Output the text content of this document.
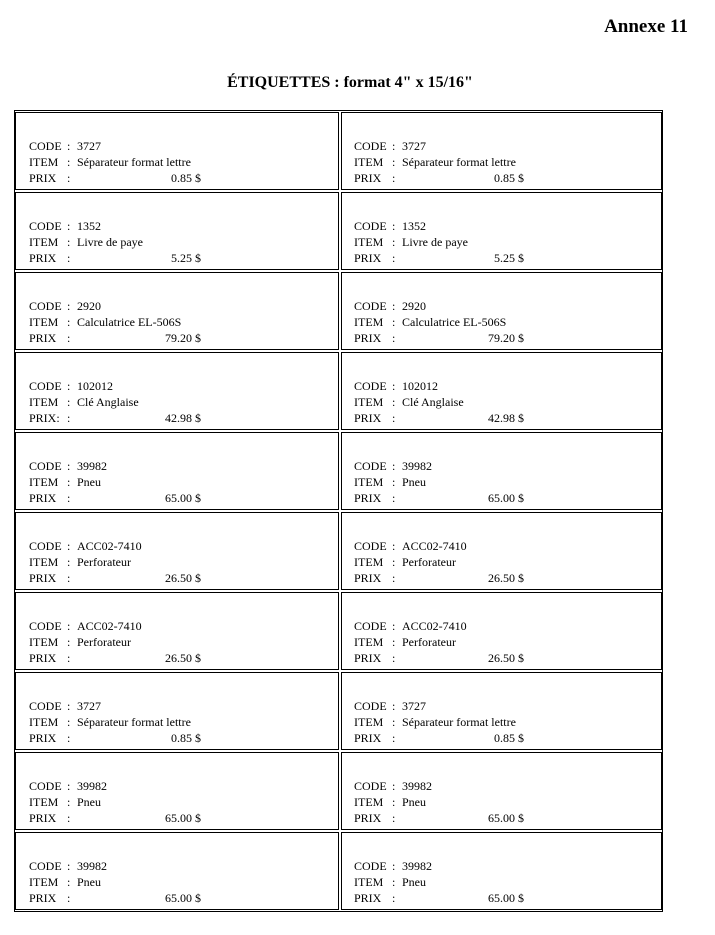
Annexe 11
ÉTIQUETTES : format 4" x 15/16"
CODE : 3727
ITEM : Séparateur format lettre
PRIX :	0.85 $
CODE : 3727
ITEM : Séparateur format lettre
PRIX :	0.85 $
CODE : 1352
ITEM : Livre de paye
PRIX :	5.25 $
CODE : 1352
ITEM : Livre de paye
PRIX :	5.25 $
CODE : 2920
ITEM : Calculatrice EL-506S
PRIX :	79.20 $
CODE : 2920
ITEM : Calculatrice EL-506S
PRIX :	79.20 $
CODE : 102012
ITEM : Clé Anglaise
PRIX: :	42.98 $
CODE : 102012
ITEM : Clé Anglaise
PRIX :	42.98 $
CODE : 39982
ITEM : Pneu
PRIX :	65.00 $
CODE : 39982
ITEM : Pneu
PRIX :	65.00 $
CODE : ACC02-7410
ITEM : Perforateur
PRIX :	26.50 $
CODE : ACC02-7410
ITEM : Perforateur
PRIX :	26.50 $
CODE : ACC02-7410
ITEM : Perforateur
PRIX :	26.50 $
CODE : ACC02-7410
ITEM : Perforateur
PRIX :	26.50 $
CODE : 3727
ITEM : Séparateur format lettre
PRIX :	0.85 $
CODE : 3727
ITEM : Séparateur format lettre
PRIX :	0.85 $
CODE : 39982
ITEM : Pneu
PRIX :	65.00 $
CODE : 39982
ITEM : Pneu
PRIX :	65.00 $
CODE : 39982
ITEM : Pneu
PRIX :	65.00 $
CODE : 39982
ITEM : Pneu
PRIX :	65.00 $
